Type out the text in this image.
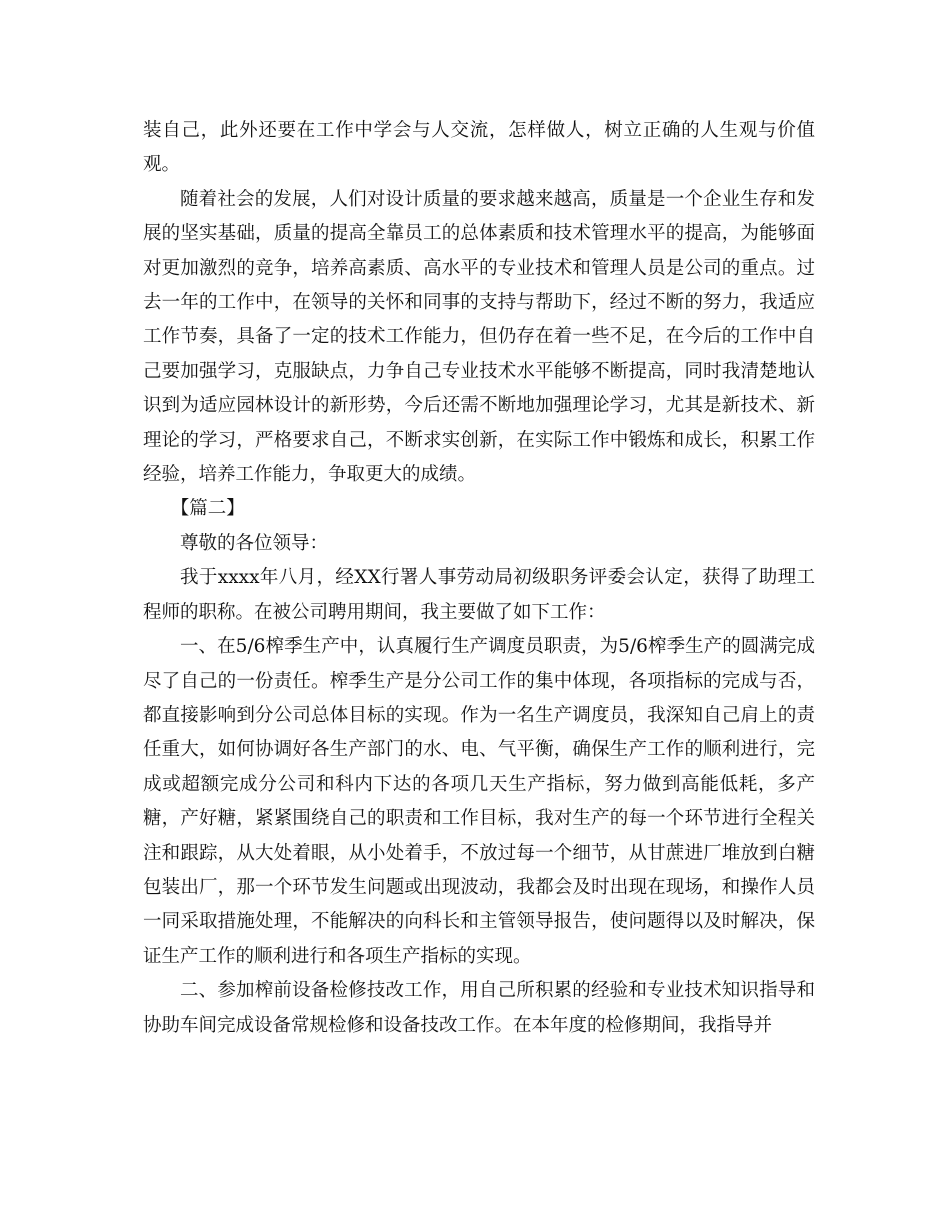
装自己，此外还要在工作中学会与人交流，怎样做人，树立正确的人生观与价值观。

随着社会的发展，人们对设计质量的要求越来越高，质量是一个企业生存和发展的坚实基础，质量的提高全靠员工的总体素质和技术管理水平的提高，为能够面对更加激烈的竞争，培养高素质、高水平的专业技术和管理人员是公司的重点。过去一年的工作中，在领导的关怀和同事的支持与帮助下，经过不断的努力，我适应工作节奏，具备了一定的技术工作能力，但仍存在着一些不足，在今后的工作中自己要加强学习，克服缺点，力争自己专业技术水平能够不断提高，同时我清楚地认识到为适应园林设计的新形势，今后还需不断地加强理论学习，尤其是新技术、新理论的学习，严格要求自己，不断求实创新，在实际工作中锻炼和成长，积累工作经验，培养工作能力，争取更大的成绩。

【篇二】

尊敬的各位领导：

我于xxxx年八月，经XX行署人事劳动局初级职务评委会认定，获得了助理工程师的职称。在被公司聘用期间，我主要做了如下工作：

一、在5/6榨季生产中，认真履行生产调度员职责，为5/6榨季生产的圆满完成尽了自己的一份责任。榨季生产是分公司工作的集中体现，各项指标的完成与否，都直接影响到分公司总体目标的实现。作为一名生产调度员，我深知自己肩上的责任重大，如何协调好各生产部门的水、电、气平衡，确保生产工作的顺利进行，完成或超额完成分公司和科内下达的各项几天生产指标，努力做到高能低耗，多产糖，产好糖，紧紧围绕自己的职责和工作目标，我对生产的每一个环节进行全程关注和跟踪，从大处着眼，从小处着手，不放过每一个细节，从甘蔗进厂堆放到白糖包装出厂，那一个环节发生问题或出现波动，我都会及时出现在现场，和操作人员一同采取措施处理，不能解决的向科长和主管领导报告，使问题得以及时解决，保证生产工作的顺利进行和各项生产指标的实现。

二、参加榨前设备检修技改工作，用自己所积累的经验和专业技术知识指导和协助车间完成设备常规检修和设备技改工作。在本年度的检修期间，我指导并
